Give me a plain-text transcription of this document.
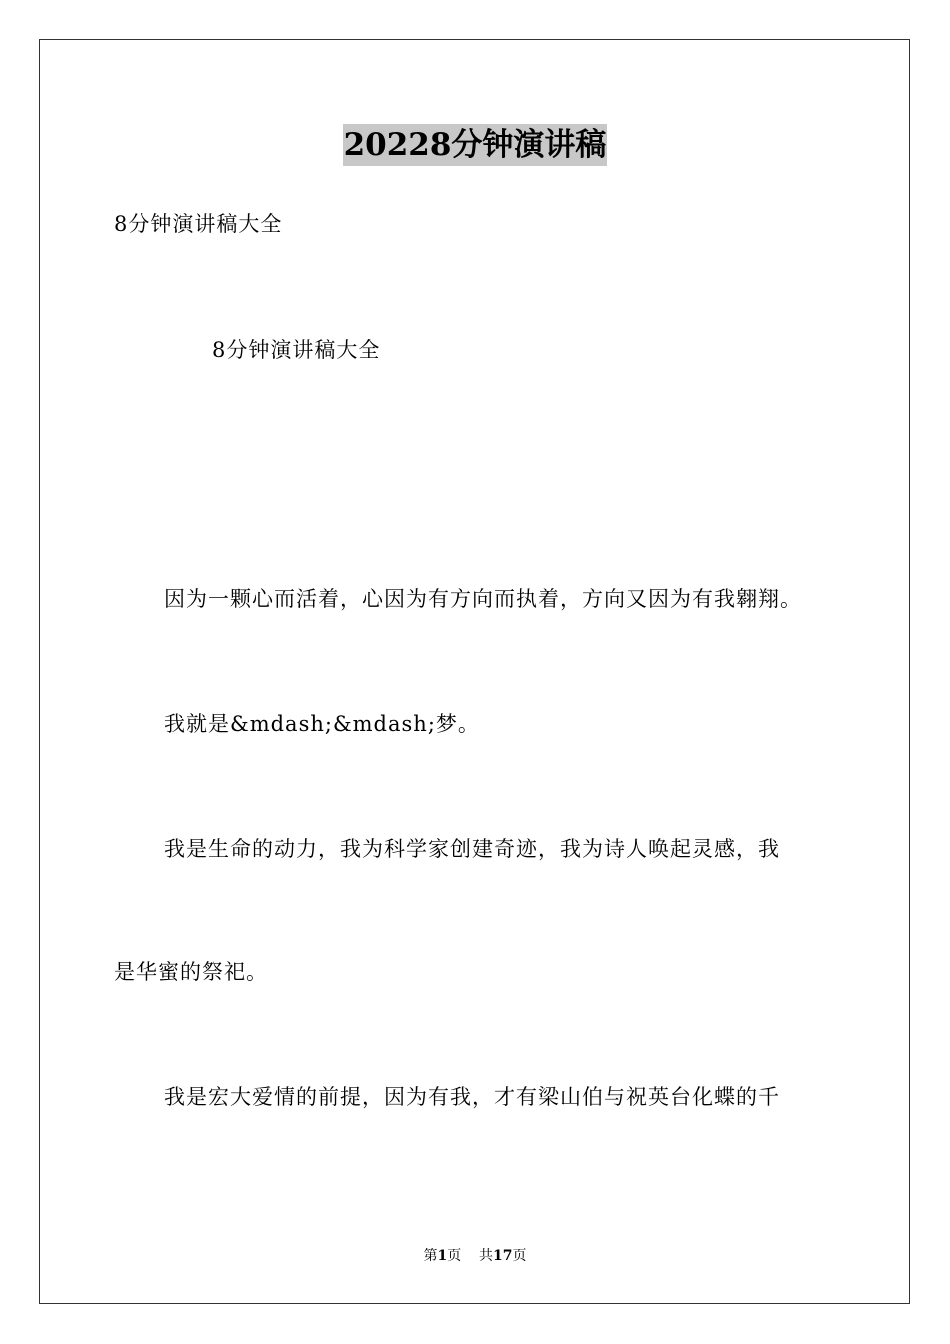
20228分钟演讲稿
8分钟演讲稿大全
8分钟演讲稿大全
因为一颗心而活着，心因为有方向而执着，方向又因为有我翱翔。
我就是&mdash;&mdash;梦。
我是生命的动力，我为科学家创建奇迹，我为诗人唤起灵感，我
是华蜜的祭祀。
我是宏大爱情的前提，因为有我，才有梁山伯与祝英台化蝶的千
第1页 共17页
